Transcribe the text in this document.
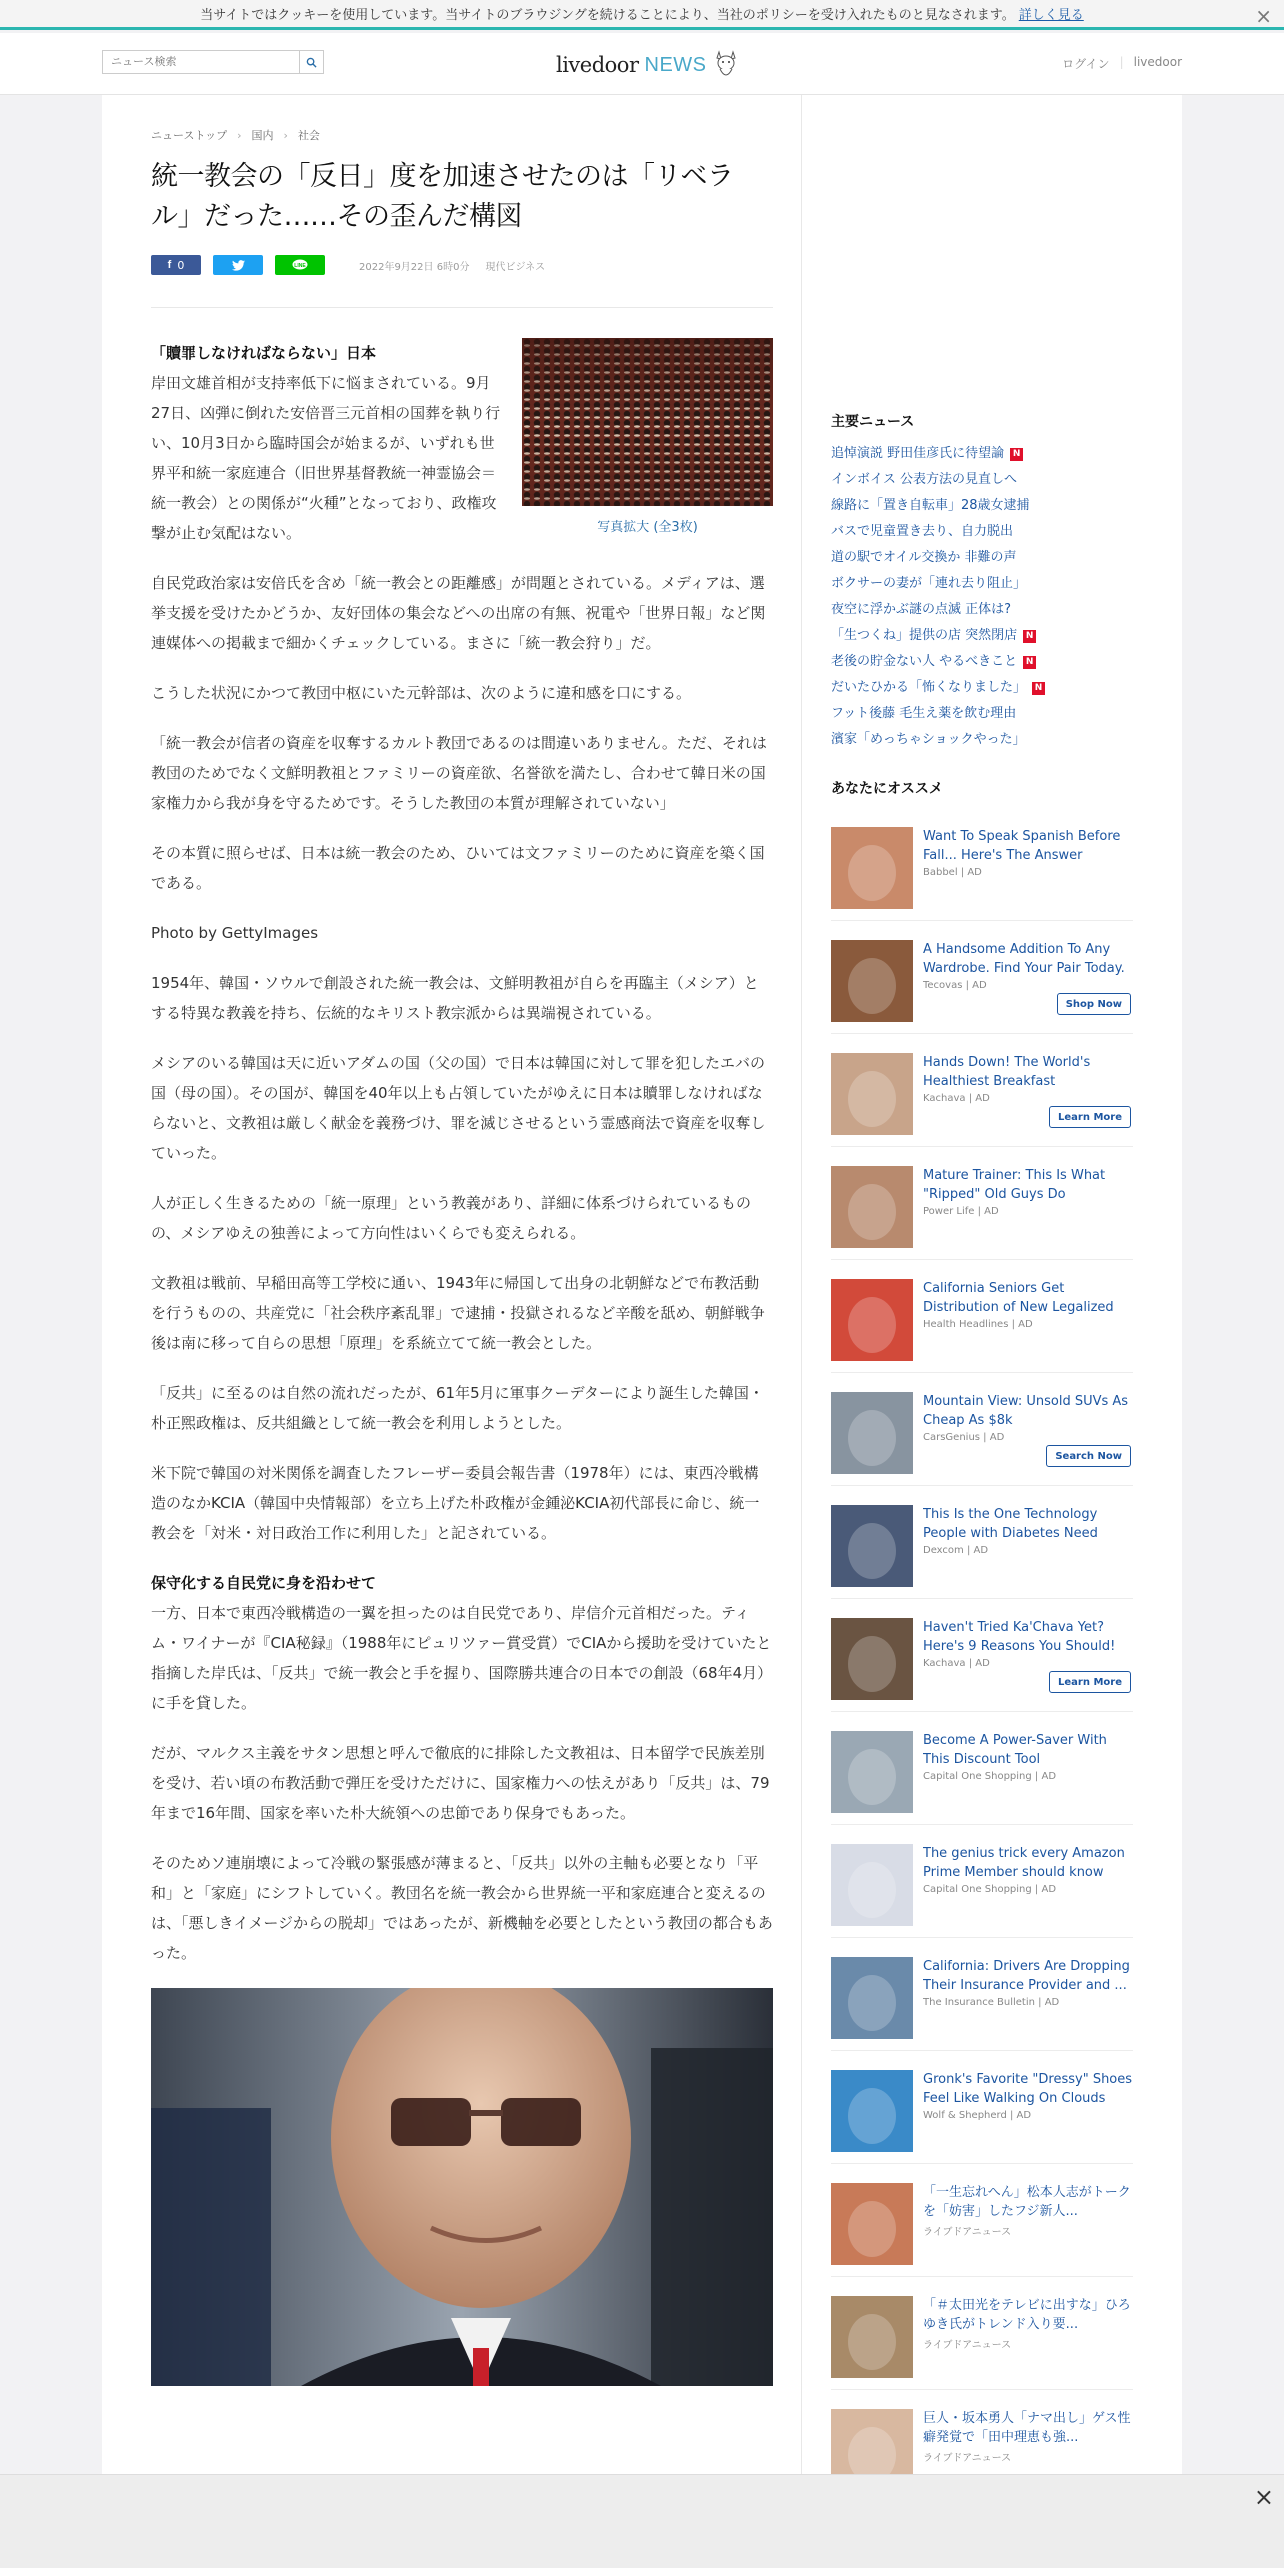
当サイトではクッキーを使用しています。当サイトのブラウジングを続けることにより、当社のポリシーを受け入れたものと見なされます。 詳しく見る	×
ニュース検索
livedoor NEWS	ログイン | livedoor
ニューストップ › 国内 › 社会
統一教会の「反日」度を加速させたのは「リベラル」だった……その歪んだ構図
f 0	LINE	2022年9月22日 6時0分 現代ビジネス
写真拡大 (全3枚)
「贖罪しなければならない」日本

岸田文雄首相が支持率低下に悩まされている。9月27日、凶弾に倒れた安倍晋三元首相の国葬を執り行い、10月3日から臨時国会が始まるが、いずれも世界平和統一家庭連合（旧世界基督教統一神霊協会＝統一教会）との関係が“火種”となっており、政権攻撃が止む気配はない。

自民党政治家は安倍氏を含め「統一教会との距離感」が問題とされている。メディアは、選挙支援を受けたかどうか、友好団体の集会などへの出席の有無、祝電や「世界日報」など関連媒体への掲載まで細かくチェックしている。まさに「統一教会狩り」だ。

こうした状況にかつて教団中枢にいた元幹部は、次のように違和感を口にする。

「統一教会が信者の資産を収奪するカルト教団であるのは間違いありません。ただ、それは教団のためでなく文鮮明教祖とファミリーの資産欲、名誉欲を満たし、合わせて韓日米の国家権力から我が身を守るためです。そうした教団の本質が理解されていない」

その本質に照らせば、日本は統一教会のため、ひいては文ファミリーのために資産を築く国である。

Photo by GettyImages

1954年、韓国・ソウルで創設された統一教会は、文鮮明教祖が自らを再臨主（メシア）とする特異な教義を持ち、伝統的なキリスト教宗派からは異端視されている。

メシアのいる韓国は天に近いアダムの国（父の国）で日本は韓国に対して罪を犯したエバの国（母の国）。その国が、韓国を40年以上も占領していたがゆえに日本は贖罪しなければならないと、文教祖は厳しく献金を義務づけ、罪を滅じさせるという霊感商法で資産を収奪していった。

人が正しく生きるための「統一原理」という教義があり、詳細に体系づけられているものの、メシアゆえの独善によって方向性はいくらでも変えられる。

文教祖は戦前、早稲田高等工学校に通い、1943年に帰国して出身の北朝鮮などで布教活動を行うものの、共産党に「社会秩序紊乱罪」で逮捕・投獄されるなど辛酸を舐め、朝鮮戦争後は南に移って自らの思想「原理」を系統立てて統一教会とした。

「反共」に至るのは自然の流れだったが、61年5月に軍事クーデターにより誕生した韓国・朴正煕政権は、反共組織として統一教会を利用しようとした。

米下院で韓国の対米関係を調査したフレーザー委員会報告書（1978年）には、東西冷戦構造のなかKCIA（韓国中央情報部）を立ち上げた朴政権が金鍾泌KCIA初代部長に命じ、統一教会を「対米・対日政治工作に利用した」と記されている。

保守化する自民党に身を沿わせて

一方、日本で東西冷戦構造の一翼を担ったのは自民党であり、岸信介元首相だった。ティム・ワイナーが『CIA秘録』（1988年にピュリツァー賞受賞）でCIAから援助を受けていたと指摘した岸氏は、「反共」で統一教会と手を握り、国際勝共連合の日本での創設（68年4月）に手を貸した。

だが、マルクス主義をサタン思想と呼んで徹底的に排除した文教祖は、日本留学で民族差別を受け、若い頃の布教活動で弾圧を受けただけに、国家権力への怯えがあり「反共」は、79年まで16年間、国家を率いた朴大統領への忠節であり保身でもあった。

そのためソ連崩壊によって冷戦の緊張感が薄まると、「反共」以外の主軸も必要となり「平和」と「家庭」にシフトしていく。教団名を統一教会から世界統一平和家庭連合と変えるのは、「悪しきイメージからの脱却」ではあったが、新機軸を必要としたという教団の都合もあった。

主要ニュース
追悼演説 野田佳彦氏に待望論 N
インボイス 公表方法の見直しへ
線路に「置き自転車」28歳女逮捕
バスで児童置き去り、自力脱出
道の駅でオイル交換か 非難の声
ボクサーの妻が「連れ去り阻止」
夜空に浮かぶ謎の点滅 正体は?
「生つくね」提供の店 突然閉店 N
老後の貯金ない人 やるべきこと N
だいたひかる「怖くなりました」 N
フット後藤 毛生え薬を飲む理由
濱家「めっちゃショックやった」
あなたにオススメ
Want To Speak Spanish Before Fall... Here's The Answer
Babbel | AD
A Handsome Addition To Any Wardrobe. Find Your Pair Today.
Tecovas | AD
Shop Now
Hands Down! The World's Healthiest Breakfast
Kachava | AD
Learn More
Mature Trainer: This Is What "Ripped" Old Guys Do
Power Life | AD
California Seniors Get Distribution of New Legalized
Health Headlines | AD
Mountain View: Unsold SUVs As Cheap As $8k
CarsGenius | AD
Search Now
This Is the One Technology People with Diabetes Need
Dexcom | AD
Haven't Tried Ka'Chava Yet? Here's 9 Reasons You Should!
Kachava | AD
Learn More
Become A Power-Saver With This Discount Tool
Capital One Shopping | AD
The genius trick every Amazon Prime Member should know
Capital One Shopping | AD
California: Drivers Are Dropping Their Insurance Provider and ...
The Insurance Bulletin | AD
Gronk's Favorite "Dressy" Shoes Feel Like Walking On Clouds
Wolf & Shepherd | AD
「一生忘れへん」松本人志がトークを「妨害」したフジ新人...
ライブドアニュース
「＃太田光をテレビに出すな」ひろゆき氏がトレンド入り要...
ライブドアニュース
巨人・坂本勇人「ナマ出し」ゲス性癖発覚で「田中理恵も強...
ライブドアニュース
×
